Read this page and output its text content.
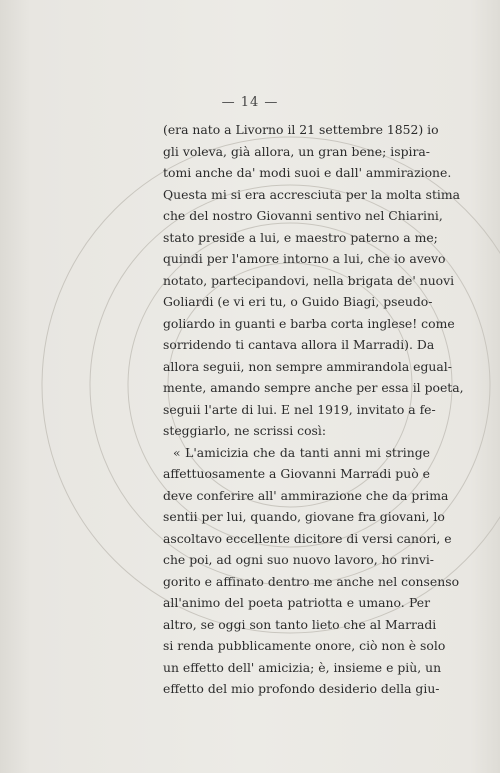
— 14 —
(era nato a Livorno il 21 settembre 1852) io
gli voleva, già allora, un gran bene; ispira-
tomi anche da' modi suoi e dall' ammirazione.
Questa mi si era accresciuta per la molta stima
che del nostro Giovanni sentivo nel Chiarini,
stato preside a lui, e maestro paterno a me;
quindi per l'amore intorno a lui, che io avevo
notato, partecipandovi, nella brigata de' nuovi
Goliardi (e vi eri tu, o Guido Biagi, pseudo-
goliardo in guanti e barba corta inglese! come
sorridendo ti cantava allora il Marradi). Da
allora seguii, non sempre ammirandola egual-
mente, amando sempre anche per essa il poeta,
seguii l'arte di lui. E nel 1919, invitato a fe-
steggiarlo, ne scrissi così:
« L'amicizia che da tanti anni mi stringe
affettuosamente a Giovanni Marradi può e
deve conferire all' ammirazione che da prima
sentii per lui, quando, giovane fra giovani, lo
ascoltavo eccellente dicitore di versi canori, e
che poi, ad ogni suo nuovo lavoro, ho rinvi-
gorito e affinato dentro me anche nel consenso
all'animo del poeta patriotta e umano. Per
altro, se oggi son tanto lieto che al Marradi
si renda pubblicamente onore, ciò non è solo
un effetto dell' amicizia; è, insieme e più, un
effetto del mio profondo desiderio della giu-
